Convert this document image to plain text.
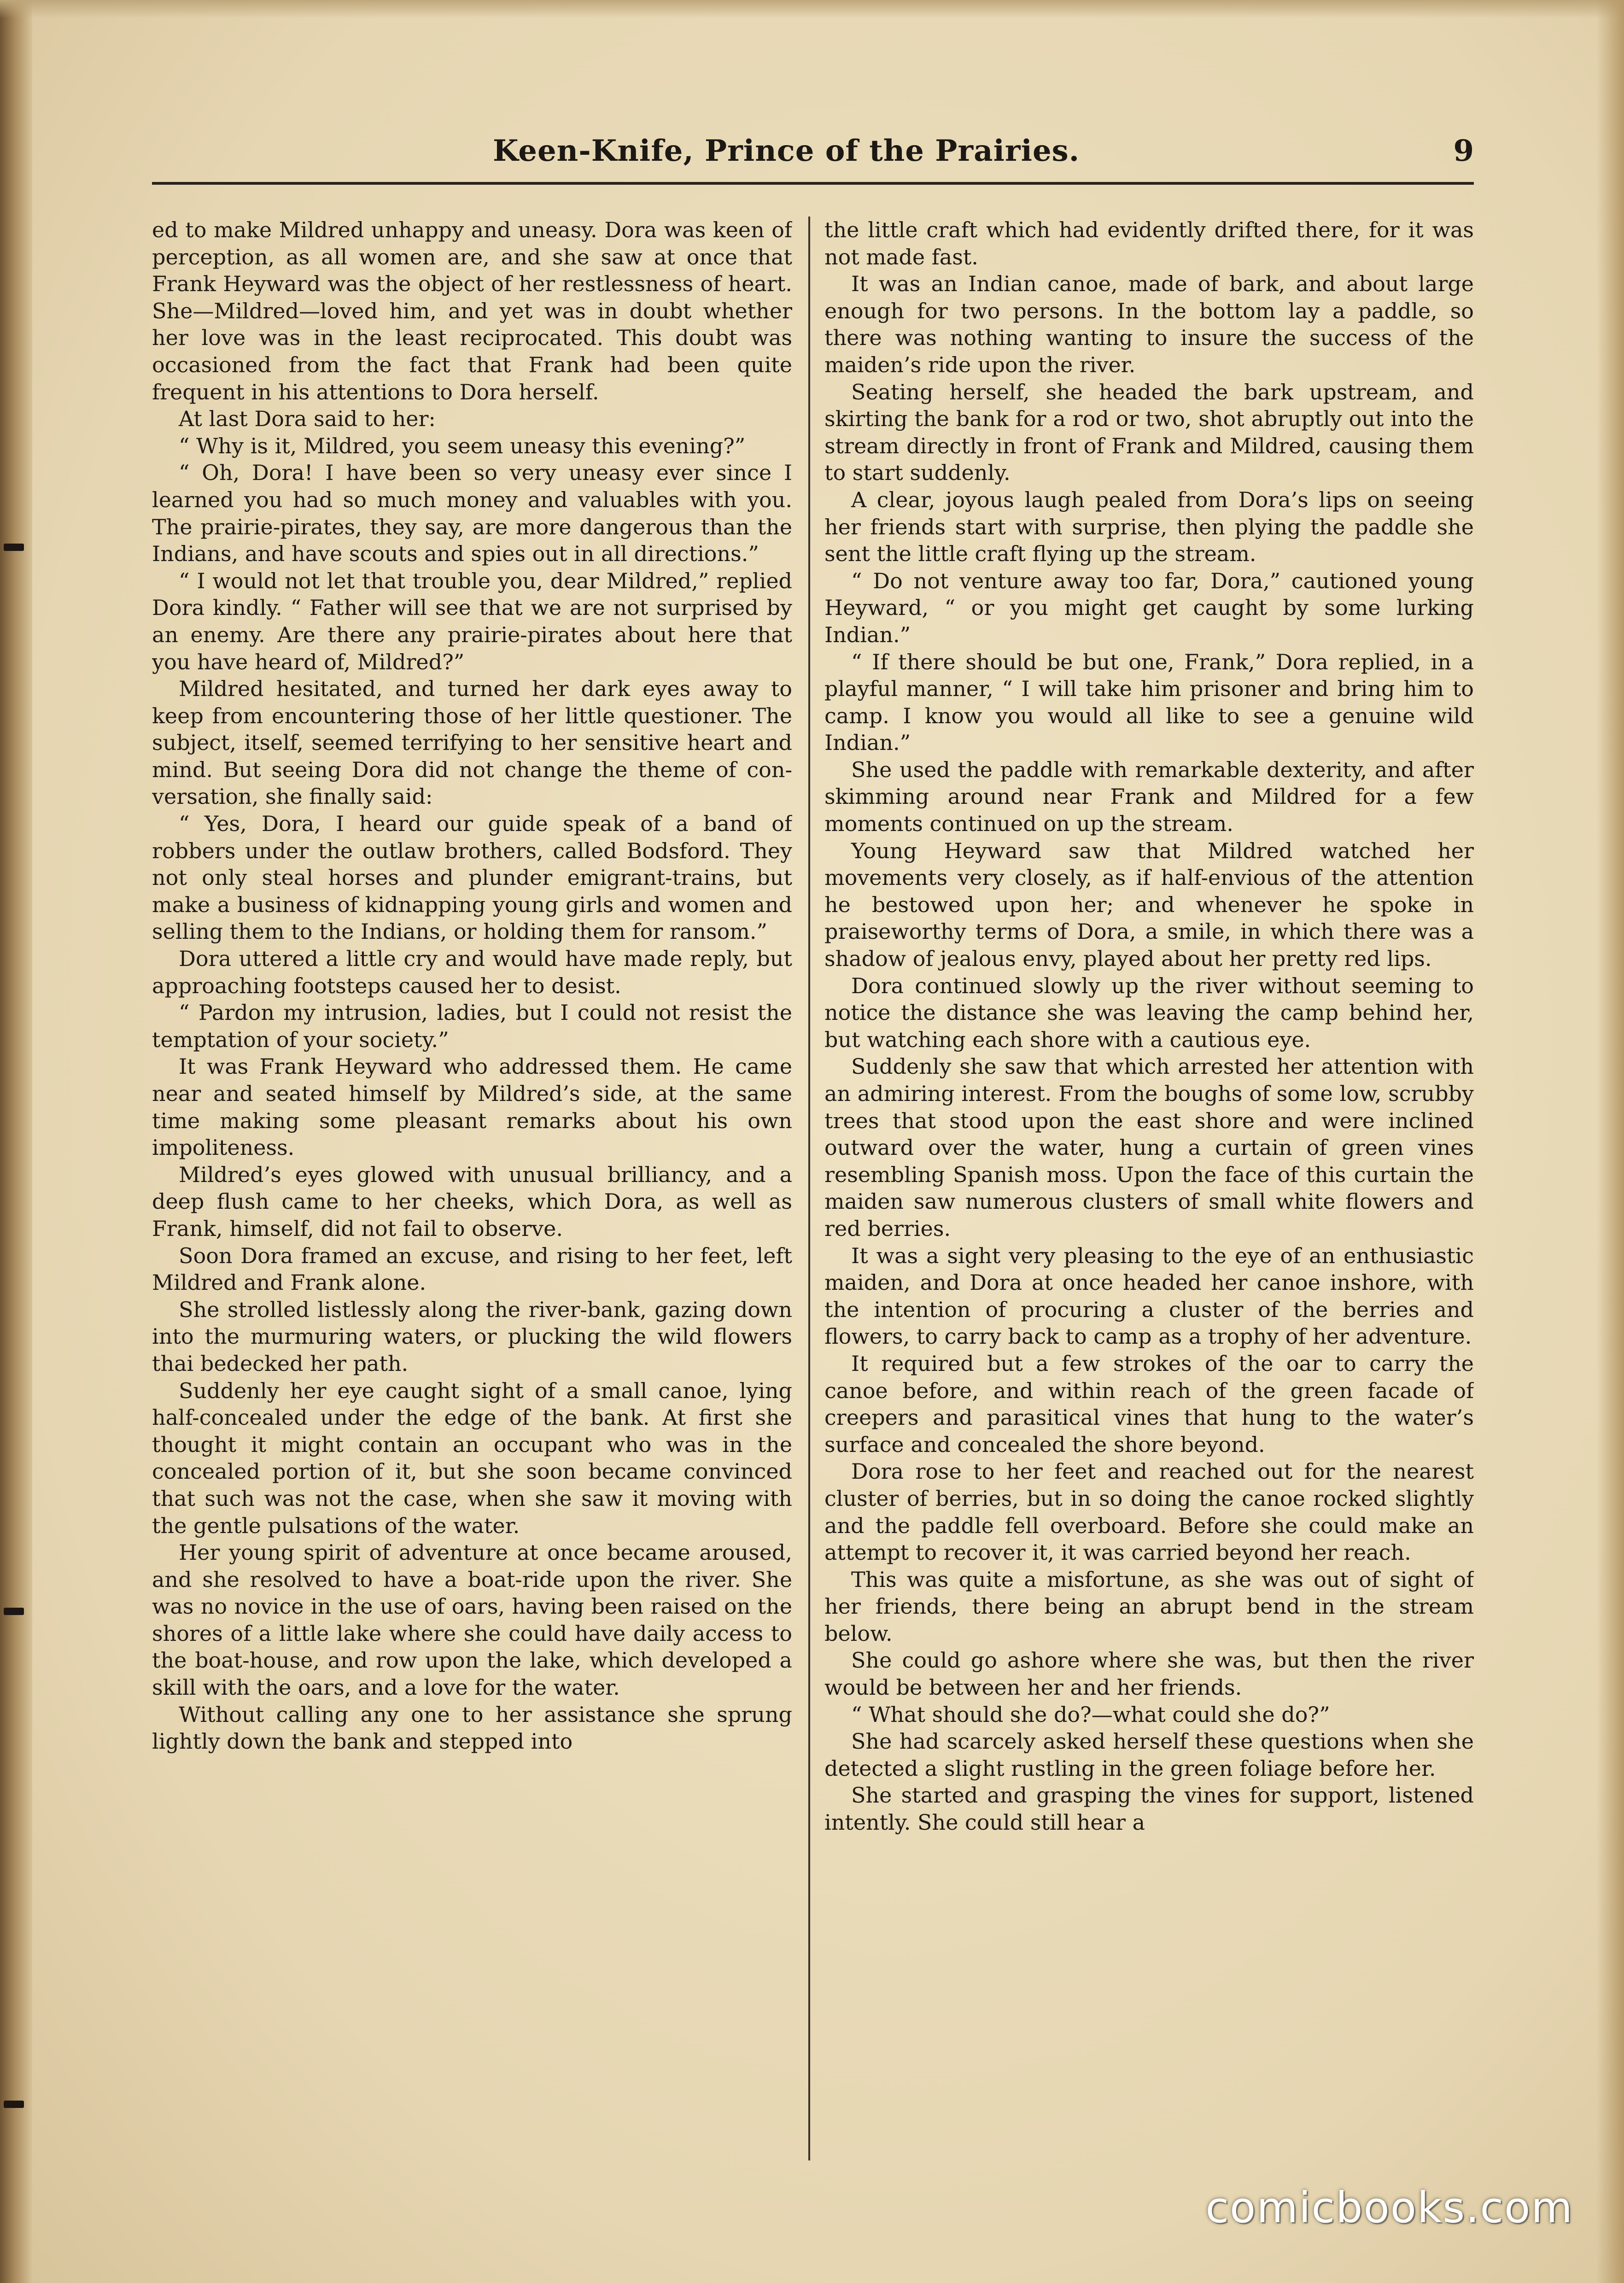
Keen-Knife, Prince of the Prairies.	9

ed to make Mildred unhappy and uneasy. Dora was keen of perception, as all women are, and she saw at once that Frank Heyward was the object of her restlessness of heart. She—Mildred—loved him, and yet was in doubt whether her love was in the least reciprocated. This doubt was occasioned from the fact that Frank had been quite frequent in his attentions to Dora herself.

At last Dora said to her:

“ Why is it, Mildred, you seem uneasy this evening?”

“ Oh, Dora! I have been so very uneasy ever since I learned you had so much money and valuables with you. The prairie-pirates, they say, are more dangerous than the Indians, and have scouts and spies out in all directions.”

“ I would not let that trouble you, dear Mildred,” replied Dora kindly. “ Father will see that we are not surprised by an enemy. Are there any prairie-pirates about here that you have heard of, Mildred?”

Mildred hesitated, and turned her dark eyes away to keep from encountering those of her little questioner. The subject, itself, seemed terrifying to her sensitive heart and mind. But seeing Dora did not change the theme of conversation, she finally said:

“ Yes, Dora, I heard our guide speak of a band of robbers under the outlaw brothers, called Bodsford. They not only steal horses and plunder emigrant-trains, but make a business of kidnapping young girls and women and selling them to the Indians, or holding them for ransom.”

Dora uttered a little cry and would have made reply, but approaching footsteps caused her to desist.

“ Pardon my intrusion, ladies, but I could not resist the temptation of your society.”

It was Frank Heyward who addressed them. He came near and seated himself by Mildred’s side, at the same time making some pleasant remarks about his own impoliteness.

Mildred’s eyes glowed with unusual brilliancy, and a deep flush came to her cheeks, which Dora, as well as Frank, himself, did not fail to observe.

Soon Dora framed an excuse, and rising to her feet, left Mildred and Frank alone.

She strolled listlessly along the river-bank, gazing down into the murmuring waters, or plucking the wild flowers thai bedecked her path.

Suddenly her eye caught sight of a small canoe, lying half-concealed under the edge of the bank. At first she thought it might contain an occupant who was in the concealed portion of it, but she soon became convinced that such was not the case, when she saw it moving with the gentle pulsations of the water.

Her young spirit of adventure at once became aroused, and she resolved to have a boat-ride upon the river. She was no novice in the use of oars, having been raised on the shores of a little lake where she could have daily access to the boat-house, and row upon the lake, which developed a skill with the oars, and a love for the water.

Without calling any one to her assistance she sprung lightly down the bank and stepped into

the little craft which had evidently drifted there, for it was not made fast.

It was an Indian canoe, made of bark, and about large enough for two persons. In the bottom lay a paddle, so there was nothing wanting to insure the success of the maiden’s ride upon the river.

Seating herself, she headed the bark upstream, and skirting the bank for a rod or two, shot abruptly out into the stream directly in front of Frank and Mildred, causing them to start suddenly.

A clear, joyous laugh pealed from Dora’s lips on seeing her friends start with surprise, then plying the paddle she sent the little craft flying up the stream.

“ Do not venture away too far, Dora,” cautioned young Heyward, “ or you might get caught by some lurking Indian.”

“ If there should be but one, Frank,” Dora replied, in a playful manner, “ I will take him prisoner and bring him to camp. I know you would all like to see a genuine wild Indian.”

She used the paddle with remarkable dexterity, and after skimming around near Frank and Mildred for a few moments continued on up the stream.

Young Heyward saw that Mildred watched her movements very closely, as if half-envious of the attention he bestowed upon her; and whenever he spoke in praiseworthy terms of Dora, a smile, in which there was a shadow of jealous envy, played about her pretty red lips.

Dora continued slowly up the river without seeming to notice the distance she was leaving the camp behind her, but watching each shore with a cautious eye.

Suddenly she saw that which arrested her attention with an admiring interest. From the boughs of some low, scrubby trees that stood upon the east shore and were inclined outward over the water, hung a curtain of green vines resembling Spanish moss. Upon the face of this curtain the maiden saw numerous clusters of small white flowers and red berries.

It was a sight very pleasing to the eye of an enthusiastic maiden, and Dora at once headed her canoe inshore, with the intention of procuring a cluster of the berries and flowers, to carry back to camp as a trophy of her adventure.

It required but a few strokes of the oar to carry the canoe before, and within reach of the green facade of creepers and parasitical vines that hung to the water’s surface and concealed the shore beyond.

Dora rose to her feet and reached out for the nearest cluster of berries, but in so doing the canoe rocked slightly and the paddle fell overboard. Before she could make an attempt to recover it, it was carried beyond her reach.

This was quite a misfortune, as she was out of sight of her friends, there being an abrupt bend in the stream below.

She could go ashore where she was, but then the river would be between her and her friends.

“ What should she do?—what could she do?”

She had scarcely asked herself these questions when she detected a slight rustling in the green foliage before her.

She started and grasping the vines for support, listened intently. She could still hear a

comicbooks.com
